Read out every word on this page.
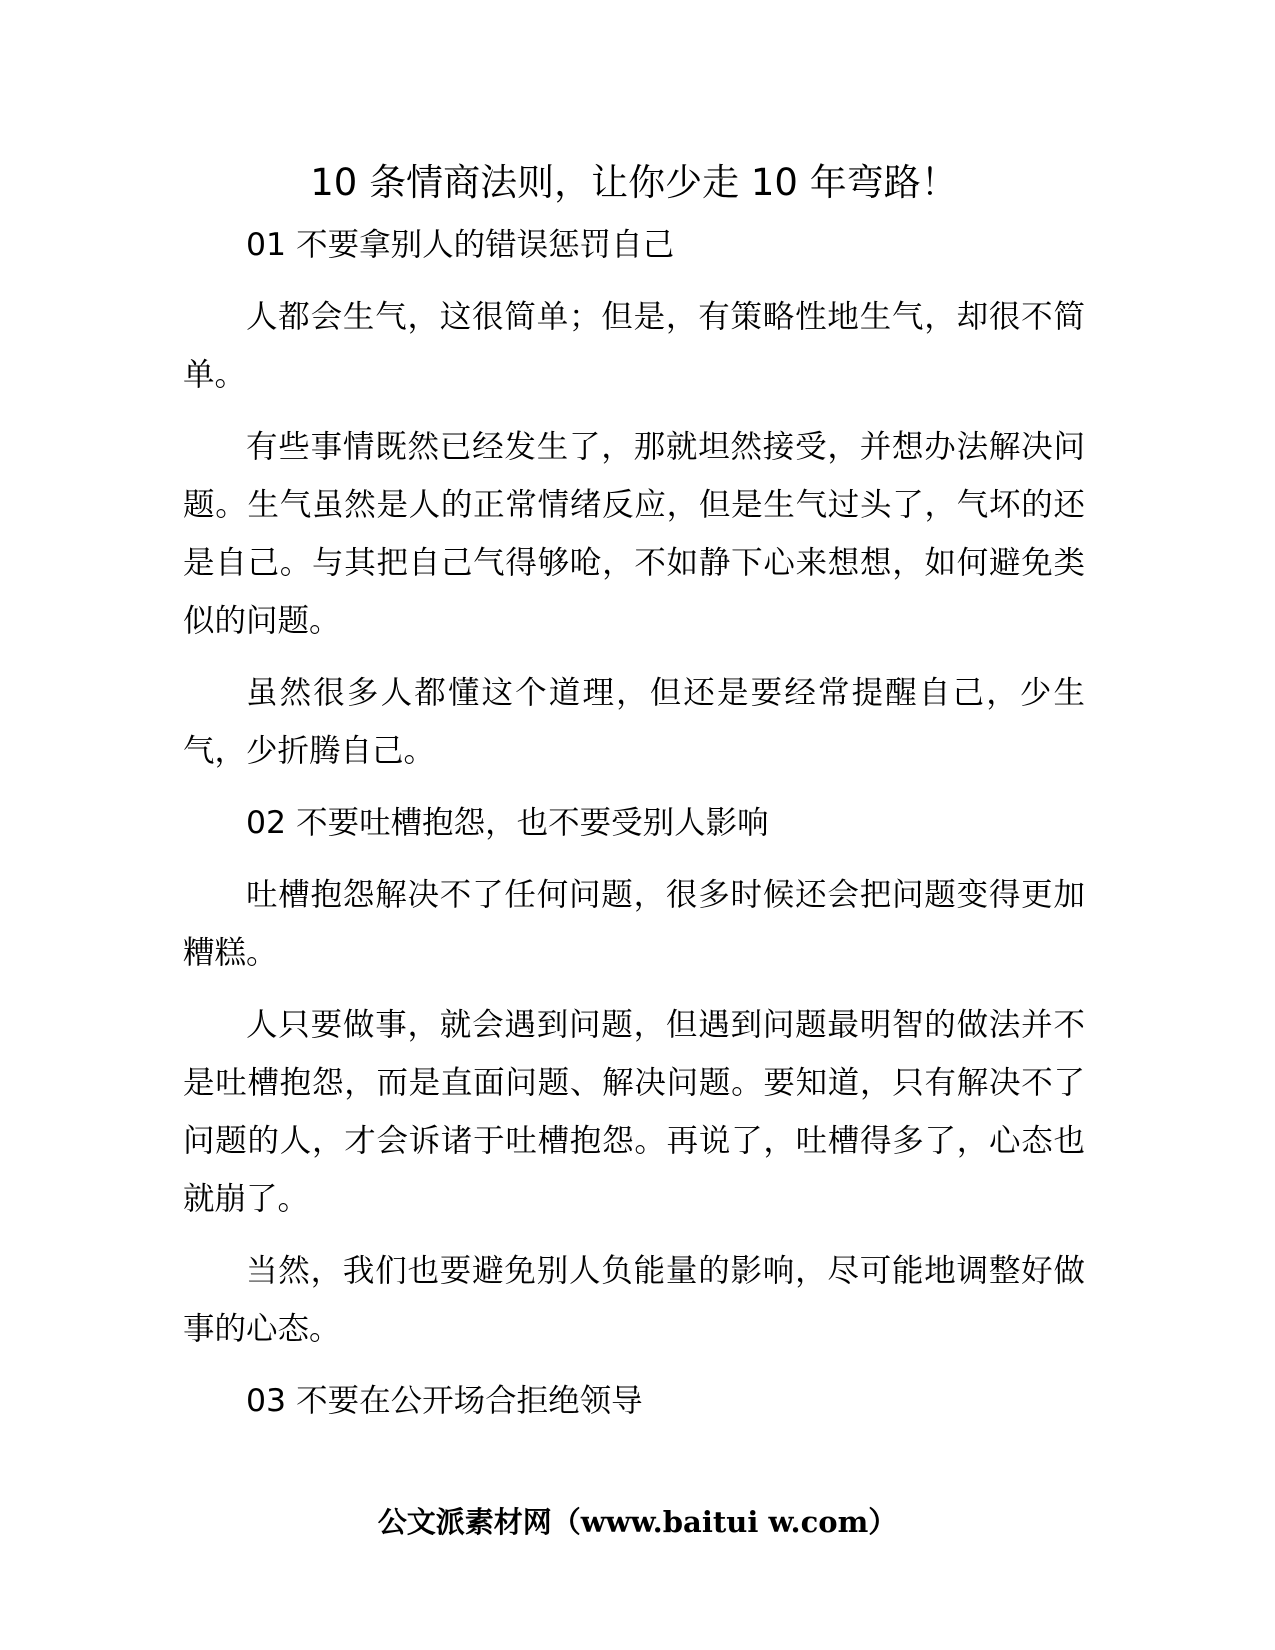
10 条情商法则，让你少走 10 年弯路！

01 不要拿别人的错误惩罚自己

人都会生气，这很简单；但是，有策略性地生气，却很不简单。

有些事情既然已经发生了，那就坦然接受，并想办法解决问题。生气虽然是人的正常情绪反应，但是生气过头了，气坏的还是自己。与其把自己气得够呛，不如静下心来想想，如何避免类似的问题。

虽然很多人都懂这个道理，但还是要经常提醒自己，少生气，少折腾自己。

02 不要吐槽抱怨，也不要受别人影响

吐槽抱怨解决不了任何问题，很多时候还会把问题变得更加糟糕。

人只要做事，就会遇到问题，但遇到问题最明智的做法并不是吐槽抱怨，而是直面问题、解决问题。要知道，只有解决不了问题的人，才会诉诸于吐槽抱怨。再说了，吐槽得多了，心态也就崩了。

当然，我们也要避免别人负能量的影响，尽可能地调整好做事的心态。

03 不要在公开场合拒绝领导

公文派素材网（www.baitui w.com）
